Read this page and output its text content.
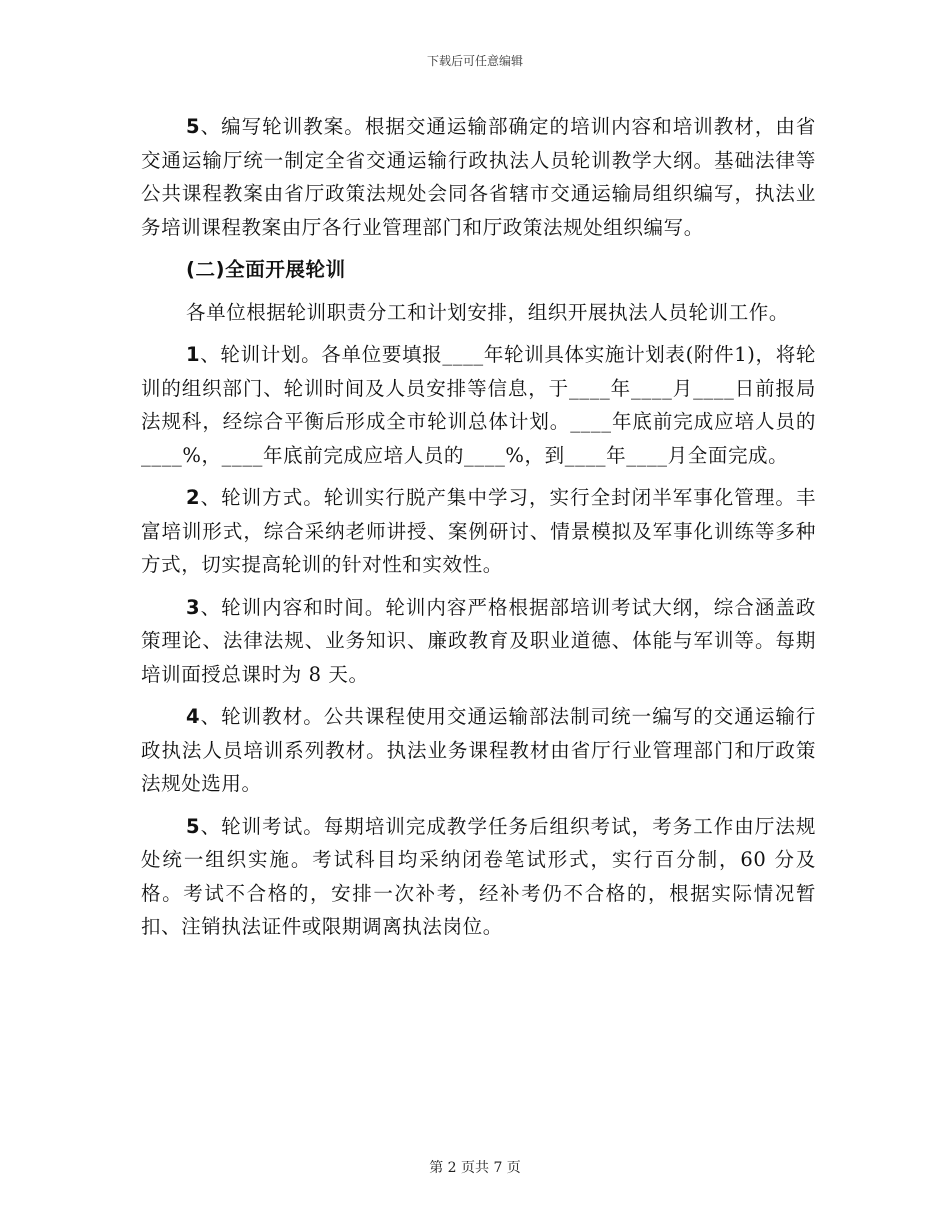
下载后可任意编辑

5、编写轮训教案。根据交通运输部确定的培训内容和培训教材，由省交通运输厅统一制定全省交通运输行政执法人员轮训教学大纲。基础法律等公共课程教案由省厅政策法规处会同各省辖市交通运输局组织编写，执法业务培训课程教案由厅各行业管理部门和厅政策法规处组织编写。

(二)全面开展轮训

各单位根据轮训职责分工和计划安排，组织开展执法人员轮训工作。

1、轮训计划。各单位要填报____年轮训具体实施计划表(附件1)，将轮训的组织部门、轮训时间及人员安排等信息，于____年____月____日前报局法规科，经综合平衡后形成全市轮训总体计划。____年底前完成应培人员的____%，____年底前完成应培人员的____%，到____年____月全面完成。

2、轮训方式。轮训实行脱产集中学习，实行全封闭半军事化管理。丰富培训形式，综合采纳老师讲授、案例研讨、情景模拟及军事化训练等多种方式，切实提高轮训的针对性和实效性。

3、轮训内容和时间。轮训内容严格根据部培训考试大纲，综合涵盖政策理论、法律法规、业务知识、廉政教育及职业道德、体能与军训等。每期培训面授总课时为 8 天。

4、轮训教材。公共课程使用交通运输部法制司统一编写的交通运输行政执法人员培训系列教材。执法业务课程教材由省厅行业管理部门和厅政策法规处选用。

5、轮训考试。每期培训完成教学任务后组织考试，考务工作由厅法规处统一组织实施。考试科目均采纳闭卷笔试形式，实行百分制，60 分及格。考试不合格的，安排一次补考，经补考仍不合格的，根据实际情况暂扣、注销执法证件或限期调离执法岗位。

第 2 页共 7 页
